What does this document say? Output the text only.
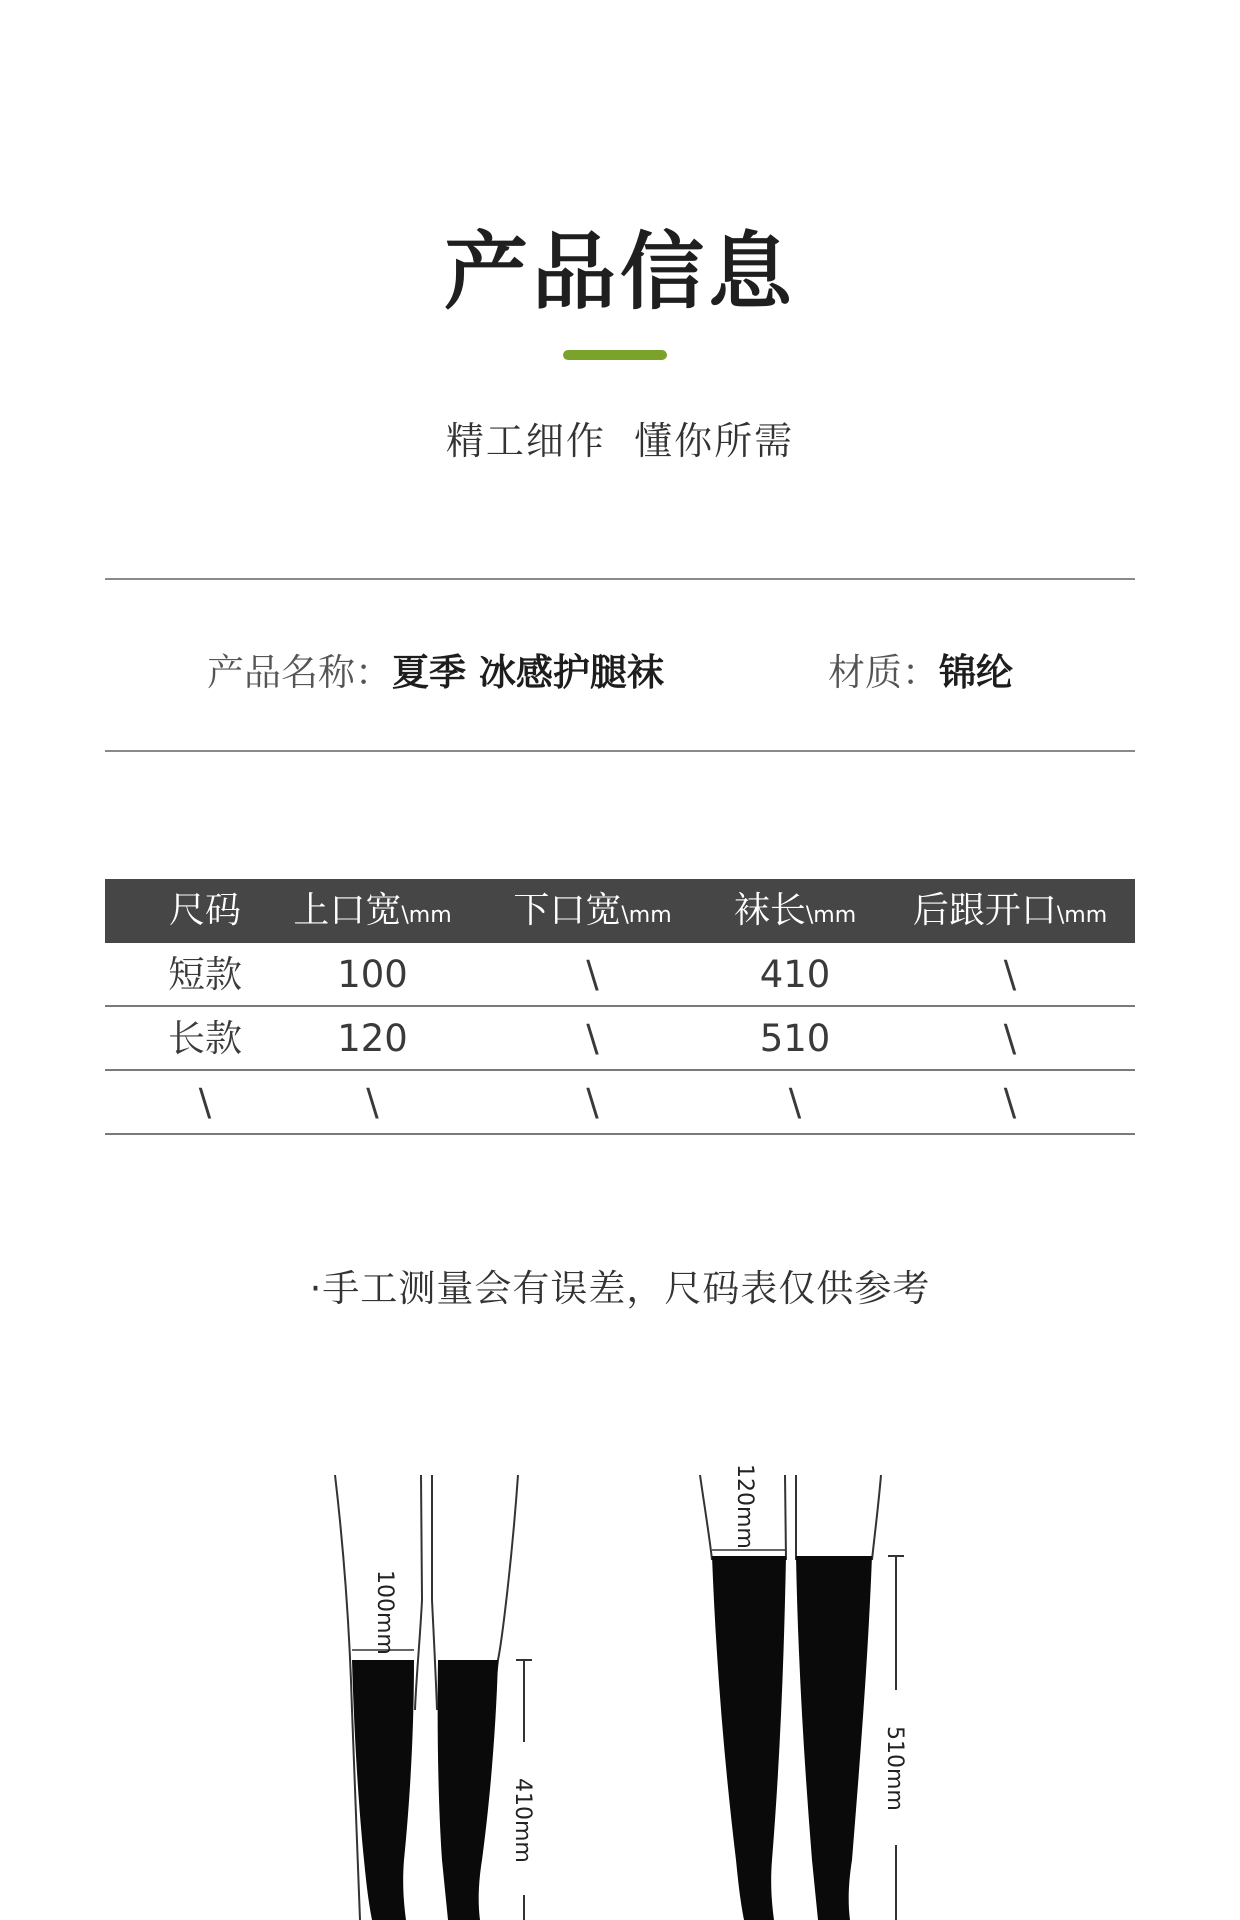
产品信息
精工细作  懂你所需
产品名称：夏季 冰感护腿袜	材质：锦纶
尺码	上口宽\mm	下口宽\mm	袜长\mm	后跟开口\mm
短款	100	\	410	\
长款	120	\	510	\
\	\	\	\	\
·手工测量会有误差，尺码表仅供参考
100mm
410mm
120mm
510mm
